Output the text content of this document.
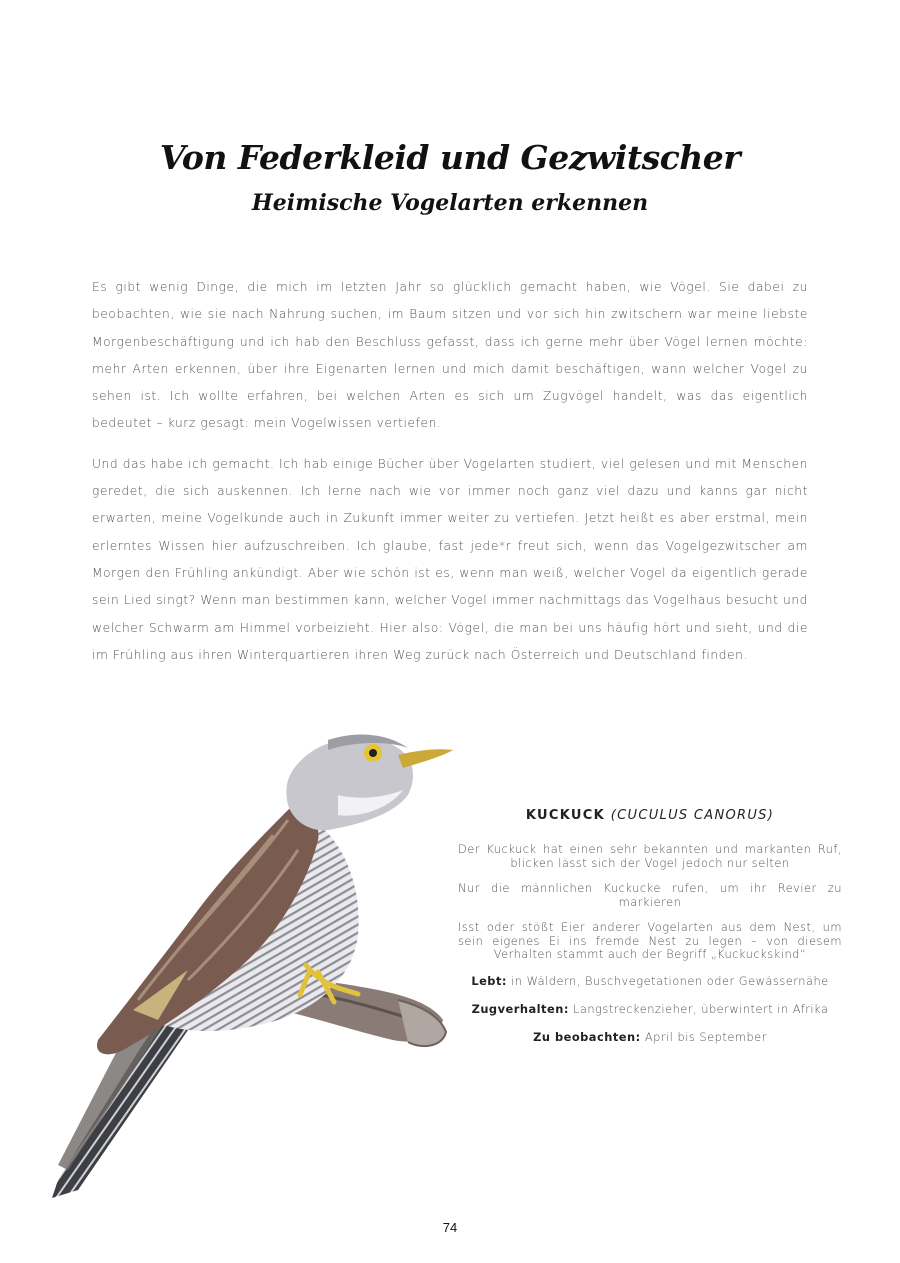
Von Federkleid und Gezwitscher
Heimische Vogelarten erkennen

Es gibt wenig Dinge, die mich im letzten Jahr so glücklich gemacht haben, wie Vögel. Sie dabei zu beobachten, wie sie nach Nahrung suchen, im Baum sitzen und vor sich hin zwitschern war meine liebste Morgenbeschäftigung und ich hab den Beschluss gefasst, dass ich gerne mehr über Vögel lernen möchte: mehr Arten erkennen, über ihre Eigenarten lernen und mich damit beschäftigen, wann welcher Vogel zu sehen ist. Ich wollte erfahren, bei welchen Arten es sich um Zugvögel handelt, was das eigentlich bedeutet – kurz gesagt: mein Vogelwissen vertiefen.

Und das habe ich gemacht. Ich hab einige Bücher über Vogelarten studiert, viel gelesen und mit Menschen geredet, die sich auskennen. Ich lerne nach wie vor immer noch ganz viel dazu und kanns gar nicht erwarten, meine Vogelkunde auch in Zukunft immer weiter zu vertiefen. Jetzt heißt es aber erstmal, mein erlerntes Wissen hier aufzuschreiben. Ich glaube, fast jede*r freut sich, wenn das Vogelgezwitscher am Morgen den Frühling ankündigt. Aber wie schön ist es, wenn man weiß, welcher Vogel da eigentlich gerade sein Lied singt? Wenn man bestimmen kann, welcher Vogel immer nachmittags das Vogelhaus besucht und welcher Schwarm am Himmel vorbeizieht. Hier also: Vögel, die man bei uns häufig hört und sieht, und die im Frühling aus ihren Winterquartieren ihren Weg zurück nach Österreich und Deutschland finden.

KUCKUCK (CUCULUS CANORUS)

Der Kuckuck hat einen sehr bekannten und markanten Ruf, blicken lässt sich der Vogel jedoch nur selten

Nur die männlichen Kuckucke rufen, um ihr Revier zu markieren

Isst oder stößt Eier anderer Vogelarten aus dem Nest, um sein eigenes Ei ins fremde Nest zu legen – von diesem Verhalten stammt auch der Begriff „Kuckuckskind“

Lebt: in Wäldern, Buschvegetationen oder Gewässernähe

Zugverhalten: Langstreckenzieher, überwintert in Afrika

Zu beobachten: April bis September

74
